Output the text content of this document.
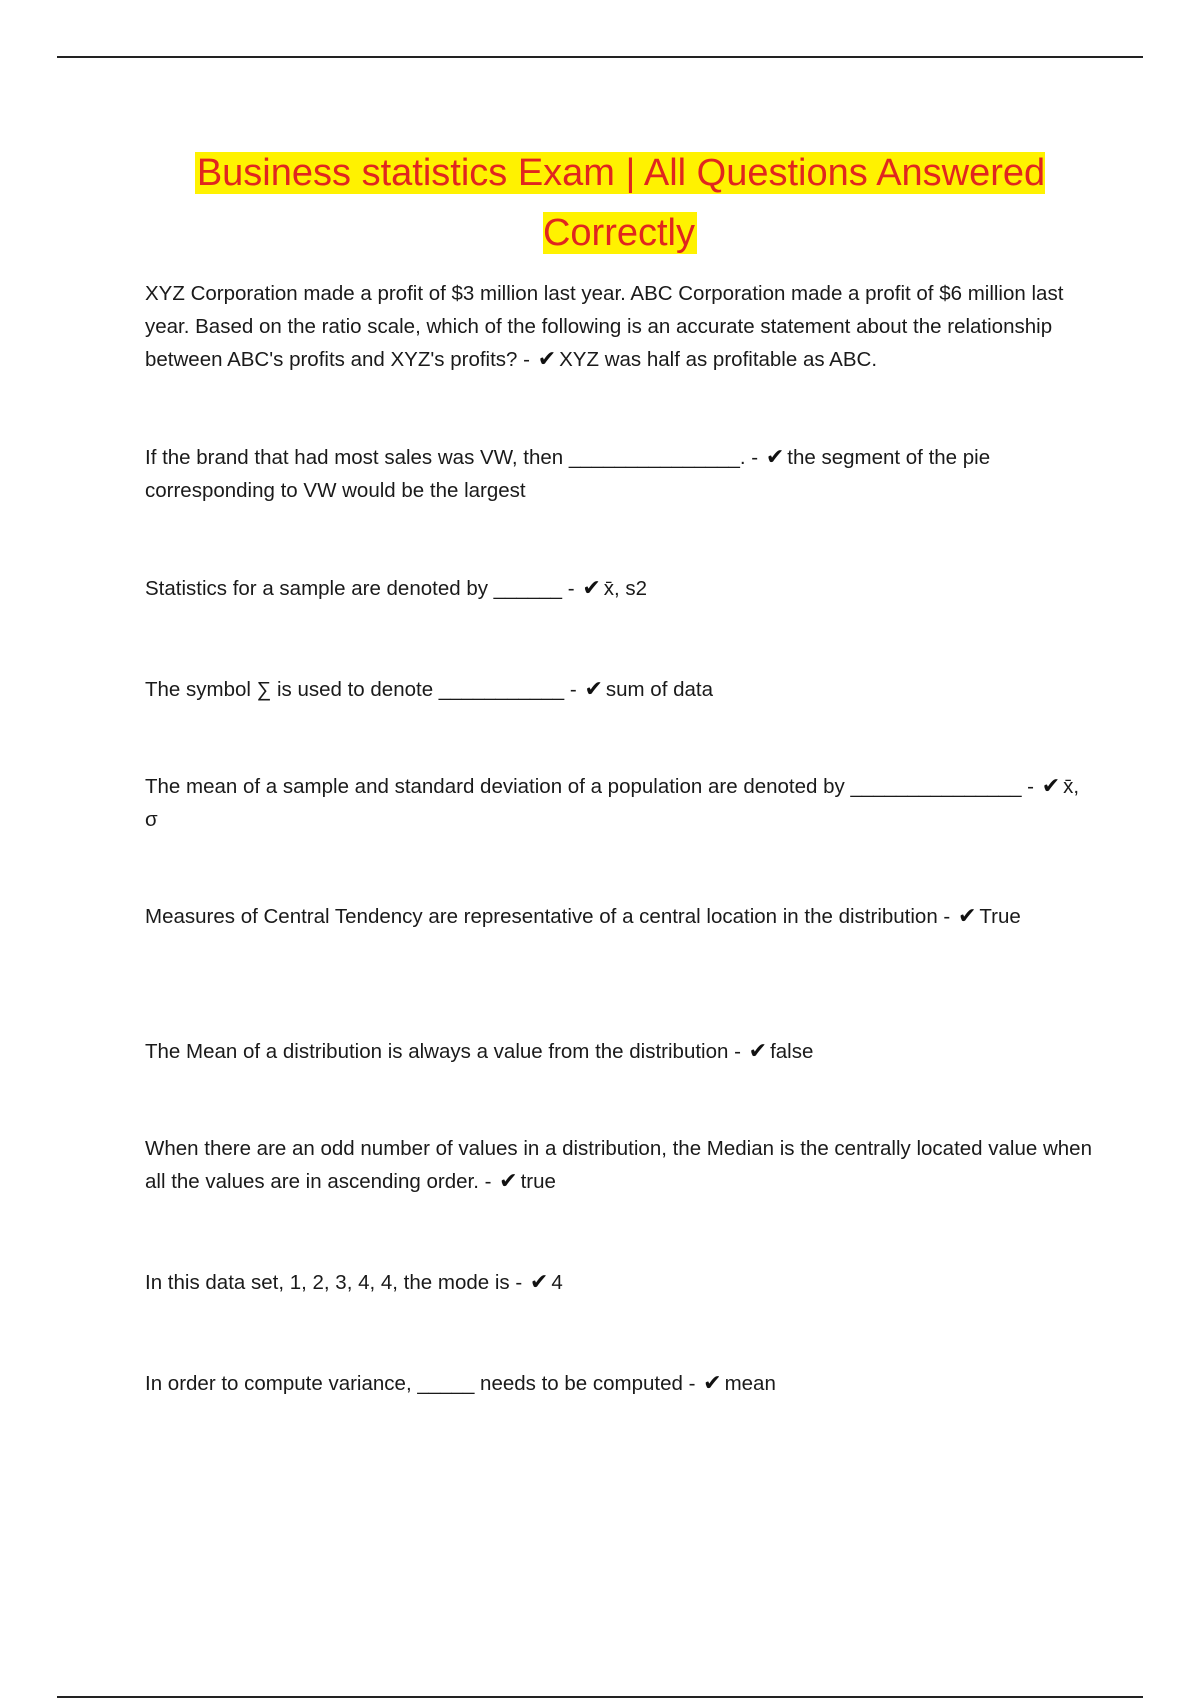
Business statistics Exam | All Questions Answered Correctly

XYZ Corporation made a profit of $3 million last year. ABC Corporation made a profit of $6 million last year. Based on the ratio scale, which of the following is an accurate statement about the relationship between ABC's profits and XYZ's profits? - ✔ XYZ was half as profitable as ABC.

If the brand that had most sales was VW, then _______________. - ✔ the segment of the pie corresponding to VW would be the largest

Statistics for a sample are denoted by ______ - ✔ x̄, s2

The symbol ∑ is used to denote ___________ - ✔ sum of data

The mean of a sample and standard deviation of a population are denoted by _______________ - ✔ x̄, σ

Measures of Central Tendency are representative of a central location in the distribution - ✔ True

The Mean of a distribution is always a value from the distribution - ✔ false

When there are an odd number of values in a distribution, the Median is the centrally located value when all the values are in ascending order. - ✔ true

In this data set, 1, 2, 3, 4, 4, the mode is - ✔ 4

In order to compute variance, _____ needs to be computed - ✔ mean
